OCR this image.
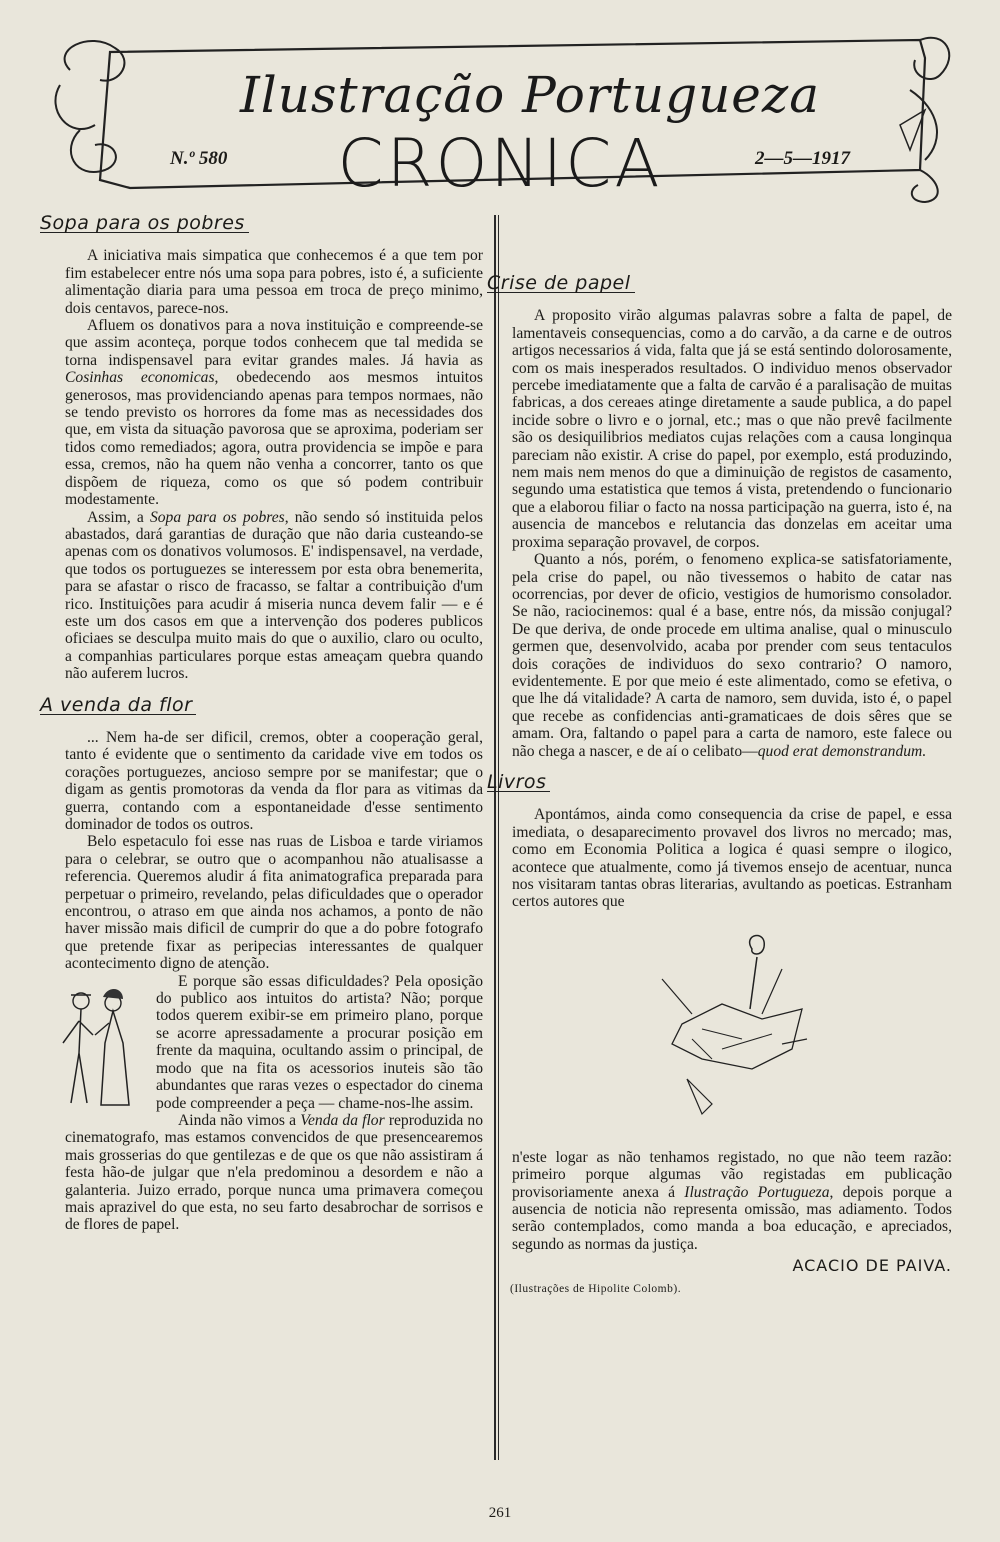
Ilustração Portugueza
N.º 580	CRONICA	2—5—1917
Sopa para os pobres

A iniciativa mais simpatica que conhecemos é a que tem por fim estabelecer entre nós uma sopa para pobres, isto é, a suficiente alimentação diaria para uma pessoa em troca de preço minimo, dois centavos, parece-nos.

Afluem os donativos para a nova instituição e compreende-se que assim aconteça, porque todos conhecem que tal medida se torna indispensavel para evitar grandes males. Já havia as Cosinhas economicas, obedecendo aos mesmos intuitos generosos, mas providenciando apenas para tempos normaes, não se tendo previsto os horrores da fome mas as necessidades dos que, em vista da situação pavorosa que se aproxima, poderiam ser tidos como remediados; agora, outra providencia se impõe e para essa, cremos, não ha quem não venha a concorrer, tanto os que dispõem de riqueza, como os que só podem contribuir modestamente.

Assim, a Sopa para os pobres, não sendo só instituida pelos abastados, dará garantias de duração que não daria custeando-se apenas com os donativos volumosos. E' indispensavel, na verdade, que todos os portuguezes se interessem por esta obra benemerita, para se afastar o risco de fracasso, se faltar a contribuição d'um rico. Instituições para acudir á miseria nunca devem falir — e é este um dos casos em que a intervenção dos poderes publicos oficiaes se desculpa muito mais do que o auxilio, claro ou oculto, a companhias particulares porque estas ameaçam quebra quando não auferem lucros.

A venda da flor

... Nem ha-de ser dificil, cremos, obter a cooperação geral, tanto é evidente que o sentimento da caridade vive em todos os corações portuguezes, ancioso sempre por se manifestar; que o digam as gentis promotoras da venda da flor para as vitimas da guerra, contando com a espontaneidade d'esse sentimento dominador de todos os outros.

Belo espetaculo foi esse nas ruas de Lisboa e tarde viriamos para o celebrar, se outro que o acompanhou não atualisasse a referencia. Queremos aludir á fita animatografica preparada para perpetuar o primeiro, revelando, pelas dificuldades que o operador encontrou, o atraso em que ainda nos achamos, a ponto de não haver missão mais dificil de cumprir do que a do pobre fotografo que pretende fixar as peripecias interessantes de qualquer acontecimento digno de atenção.

E porque são essas dificuldades? Pela oposição do publico aos intuitos do artista? Não; porque todos querem exibir-se em primeiro plano, porque se acorre apressadamente a procurar posição em frente da maquina, ocultando assim o principal, de modo que na fita os acessorios inuteis são tão abundantes que raras vezes o espectador do cinema pode compreender a peça — chame-nos-lhe assim.

Ainda não vimos a Venda da flor reproduzida no cinematografo, mas estamos convencidos de que presencearemos mais grosserias do que gentilezas e de que os que não assistiram á festa hão-de julgar que n'ela predominou a desordem e não a galanteria. Juizo errado, porque nunca uma primavera começou mais aprazivel do que esta, no seu farto desabrochar de sorrisos e de flores de papel.

Crise de papel

A proposito virão algumas palavras sobre a falta de papel, de lamentaveis consequencias, como a do carvão, a da carne e de outros artigos necessarios á vida, falta que já se está sentindo dolorosamente, com os mais inesperados resultados. O individuo menos observador percebe imediatamente que a falta de carvão é a paralisação de muitas fabricas, a dos cereaes atinge diretamente a saude publica, a do papel incide sobre o livro e o jornal, etc.; mas o que não prevê facilmente são os desiquilibrios mediatos cujas relações com a causa longinqua pareciam não existir. A crise do papel, por exemplo, está produzindo, nem mais nem menos do que a diminuição de registos de casamento, segundo uma estatistica que temos á vista, pretendendo o funcionario que a elaborou filiar o facto na nossa participação na guerra, isto é, na ausencia de mancebos e relutancia das donzelas em aceitar uma proxima separação provavel, de corpos.

Quanto a nós, porém, o fenomeno explica-se satisfatoriamente, pela crise do papel, ou não tivessemos o habito de catar nas ocorrencias, por dever de oficio, vestigios de humorismo consolador. Se não, raciocinemos: qual é a base, entre nós, da missão conjugal? De que deriva, de onde procede em ultima analise, qual o minusculo germen que, desenvolvido, acaba por prender com seus tentaculos dois corações de individuos do sexo contrario? O namoro, evidentemente. E por que meio é este alimentado, como se efetiva, o que lhe dá vitalidade? A carta de namoro, sem duvida, isto é, o papel que recebe as confidencias anti-gramaticaes de dois sêres que se amam. Ora, faltando o papel para a carta de namoro, este falece ou não chega a nascer, e de aí o celibato—quod erat demonstrandum.

Livros

Apontámos, ainda como consequencia da crise de papel, e essa imediata, o desaparecimento provavel dos livros no mercado; mas, como em Economia Politica a logica é quasi sempre o ilogico, acontece que atualmente, como já tivemos ensejo de acentuar, nunca nos visitaram tantas obras literarias, avultando as poeticas. Estranham certos autores que

n'este logar as não tenhamos registado, no que não teem razão: primeiro porque algumas vão registadas em publicação provisoriamente anexa á Ilustração Portugueza, depois porque a ausencia de noticia não representa omissão, mas adiamento. Todos serão contemplados, como manda a boa educação, e apreciados, segundo as normas da justiça.

ACACIO DE PAIVA.
(Ilustrações de Hipolite Colomb).
261
